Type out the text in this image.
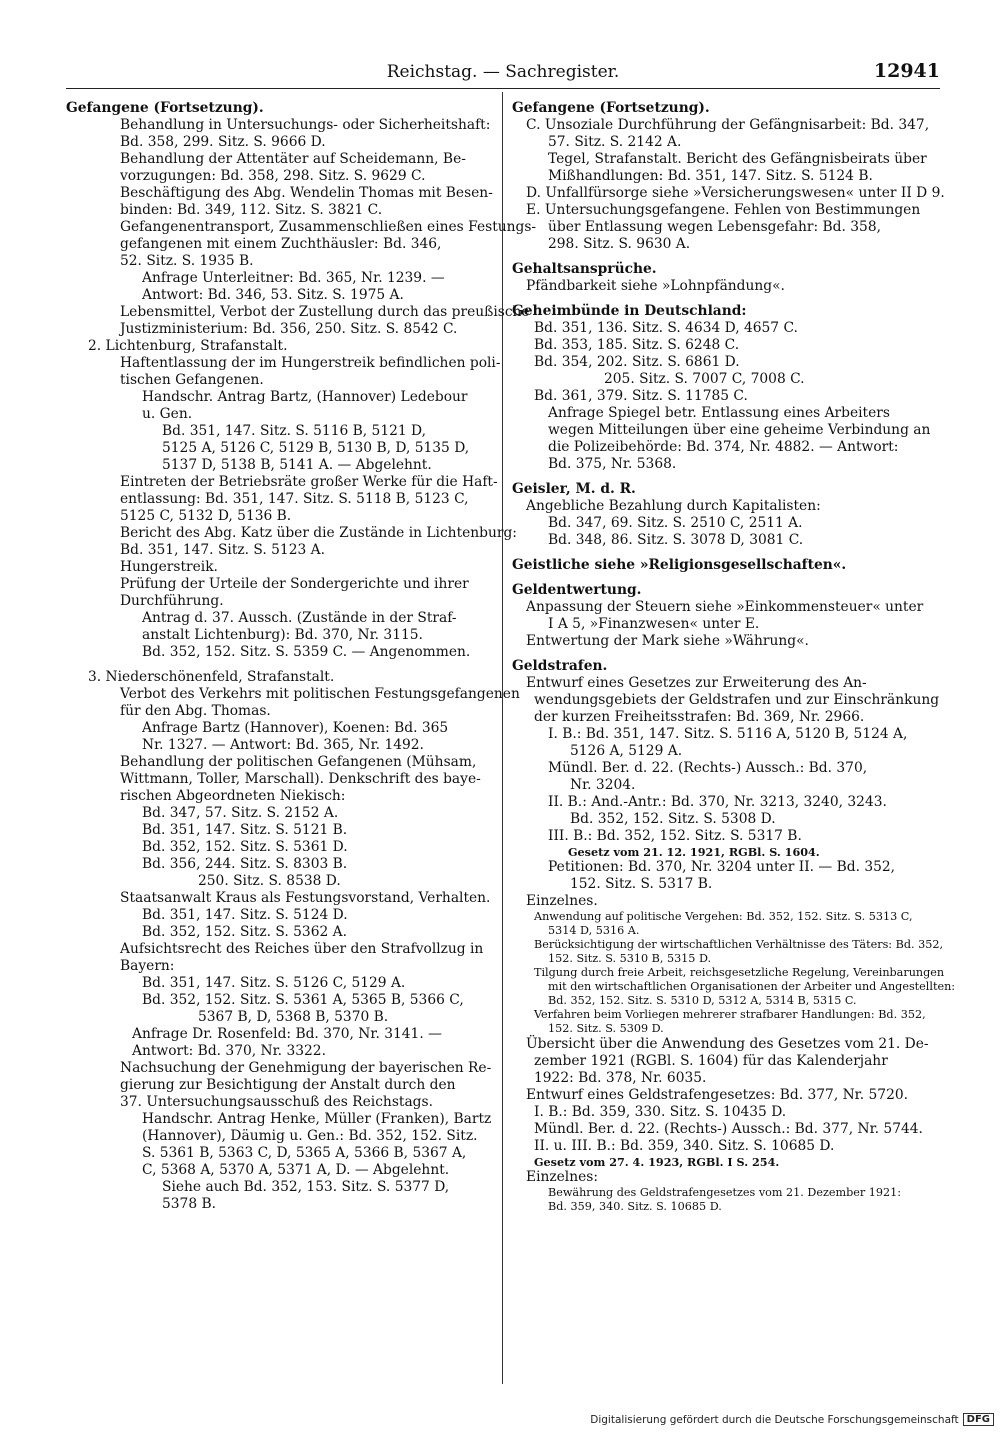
Reichstag. — Sachregister.	12941
Gefangene (Fortsetzung).
Behandlung in Untersuchungs- oder Sicherheitshaft:
Bd. 358, 299. Sitz. S. 9666 D.
Behandlung der Attentäter auf Scheidemann, Be-
vorzugungen: Bd. 358, 298. Sitz. S. 9629 C.
Beschäftigung des Abg. Wendelin Thomas mit Besen-
binden: Bd. 349, 112. Sitz. S. 3821 C.
Gefangenentransport, Zusammenschließen eines Festungs-
gefangenen mit einem Zuchthäusler: Bd. 346,
52. Sitz. S. 1935 B.
Anfrage Unterleitner: Bd. 365, Nr. 1239. —
Antwort: Bd. 346, 53. Sitz. S. 1975 A.
Lebensmittel, Verbot der Zustellung durch das preußische
Justizministerium: Bd. 356, 250. Sitz. S. 8542 C.
2. Lichtenburg, Strafanstalt.
Haftentlassung der im Hungerstreik befindlichen poli-
tischen Gefangenen.
Handschr. Antrag Bartz, (Hannover) Ledebour
u. Gen.
Bd. 351, 147. Sitz. S. 5116 B, 5121 D,
5125 A, 5126 C, 5129 B, 5130 B, D, 5135 D,
5137 D, 5138 B, 5141 A. — Abgelehnt.
Eintreten der Betriebsräte großer Werke für die Haft-
entlassung: Bd. 351, 147. Sitz. S. 5118 B, 5123 C,
5125 C, 5132 D, 5136 B.
Bericht des Abg. Katz über die Zustände in Lichtenburg:
Bd. 351, 147. Sitz. S. 5123 A.
Hungerstreik.
Prüfung der Urteile der Sondergerichte und ihrer
Durchführung.
Antrag d. 37. Aussch. (Zustände in der Straf-
anstalt Lichtenburg): Bd. 370, Nr. 3115.
Bd. 352, 152. Sitz. S. 5359 C. — Angenommen.
3. Niederschönenfeld, Strafanstalt.
Verbot des Verkehrs mit politischen Festungsgefangenen
für den Abg. Thomas.
Anfrage Bartz (Hannover), Koenen: Bd. 365
Nr. 1327. — Antwort: Bd. 365, Nr. 1492.
Behandlung der politischen Gefangenen (Mühsam,
Wittmann, Toller, Marschall). Denkschrift des baye-
rischen Abgeordneten Niekisch:
Bd. 347, 57. Sitz. S. 2152 A.
Bd. 351, 147. Sitz. S. 5121 B.
Bd. 352, 152. Sitz. S. 5361 D.
Bd. 356, 244. Sitz. S. 8303 B.
250. Sitz. S. 8538 D.
Staatsanwalt Kraus als Festungsvorstand, Verhalten.
Bd. 351, 147. Sitz. S. 5124 D.
Bd. 352, 152. Sitz. S. 5362 A.
Aufsichtsrecht des Reiches über den Strafvollzug in
Bayern:
Bd. 351, 147. Sitz. S. 5126 C, 5129 A.
Bd. 352, 152. Sitz. S. 5361 A, 5365 B, 5366 C,
5367 B, D, 5368 B, 5370 B.
Anfrage Dr. Rosenfeld: Bd. 370, Nr. 3141. —
Antwort: Bd. 370, Nr. 3322.
Nachsuchung der Genehmigung der bayerischen Re-
gierung zur Besichtigung der Anstalt durch den
37. Untersuchungsausschuß des Reichstags.
Handschr. Antrag Henke, Müller (Franken), Bartz
(Hannover), Däumig u. Gen.: Bd. 352, 152. Sitz.
S. 5361 B, 5363 C, D, 5365 A, 5366 B, 5367 A,
C, 5368 A, 5370 A, 5371 A, D. — Abgelehnt.
Siehe auch Bd. 352, 153. Sitz. S. 5377 D,
5378 B.
Gefangene (Fortsetzung).
C. Unsoziale Durchführung der Gefängnisarbeit: Bd. 347,
57. Sitz. S. 2142 A.
Tegel, Strafanstalt. Bericht des Gefängnisbeirats über
Mißhandlungen: Bd. 351, 147. Sitz. S. 5124 B.
D. Unfallfürsorge siehe »Versicherungswesen« unter II D 9.
E. Untersuchungsgefangene. Fehlen von Bestimmungen
über Entlassung wegen Lebensgefahr: Bd. 358,
298. Sitz. S. 9630 A.
Gehaltsansprüche.
Pfändbarkeit siehe »Lohnpfändung«.
Geheimbünde in Deutschland:
Bd. 351, 136. Sitz. S. 4634 D, 4657 C.
Bd. 353, 185. Sitz. S. 6248 C.
Bd. 354, 202. Sitz. S. 6861 D.
205. Sitz. S. 7007 C, 7008 C.
Bd. 361, 379. Sitz. S. 11785 C.
Anfrage Spiegel betr. Entlassung eines Arbeiters
wegen Mitteilungen über eine geheime Verbindung an
die Polizeibehörde: Bd. 374, Nr. 4882. — Antwort:
Bd. 375, Nr. 5368.
Geisler, M. d. R.
Angebliche Bezahlung durch Kapitalisten:
Bd. 347, 69. Sitz. S. 2510 C, 2511 A.
Bd. 348, 86. Sitz. S. 3078 D, 3081 C.
Geistliche siehe »Religionsgesellschaften«.
Geldentwertung.
Anpassung der Steuern siehe »Einkommensteuer« unter
I A 5, »Finanzwesen« unter E.
Entwertung der Mark siehe »Währung«.
Geldstrafen.
Entwurf eines Gesetzes zur Erweiterung des An-
wendungsgebiets der Geldstrafen und zur Einschränkung
der kurzen Freiheitsstrafen: Bd. 369, Nr. 2966.
I. B.: Bd. 351, 147. Sitz. S. 5116 A, 5120 B, 5124 A,
5126 A, 5129 A.
Mündl. Ber. d. 22. (Rechts-) Aussch.: Bd. 370,
Nr. 3204.
II. B.: And.-Antr.: Bd. 370, Nr. 3213, 3240, 3243.
Bd. 352, 152. Sitz. S. 5308 D.
III. B.: Bd. 352, 152. Sitz. S. 5317 B.
Gesetz vom 21. 12. 1921, RGBl. S. 1604.
Petitionen: Bd. 370, Nr. 3204 unter II. — Bd. 352,
152. Sitz. S. 5317 B.
Einzelnes.
Anwendung auf politische Vergehen: Bd. 352, 152. Sitz. S. 5313 C,
5314 D, 5316 A.
Berücksichtigung der wirtschaftlichen Verhältnisse des Täters: Bd. 352,
152. Sitz. S. 5310 B, 5315 D.
Tilgung durch freie Arbeit, reichsgesetzliche Regelung, Vereinbarungen
mit den wirtschaftlichen Organisationen der Arbeiter und Angestellten:
Bd. 352, 152. Sitz. S. 5310 D, 5312 A, 5314 B, 5315 C.
Verfahren beim Vorliegen mehrerer strafbarer Handlungen: Bd. 352,
152. Sitz. S. 5309 D.
Übersicht über die Anwendung des Gesetzes vom 21. De-
zember 1921 (RGBl. S. 1604) für das Kalenderjahr
1922: Bd. 378, Nr. 6035.
Entwurf eines Geldstrafengesetzes: Bd. 377, Nr. 5720.
I. B.: Bd. 359, 330. Sitz. S. 10435 D.
Mündl. Ber. d. 22. (Rechts-) Aussch.: Bd. 377, Nr. 5744.
II. u. III. B.: Bd. 359, 340. Sitz. S. 10685 D.
Gesetz vom 27. 4. 1923, RGBl. I S. 254.
Einzelnes:
Bewährung des Geldstrafengesetzes vom 21. Dezember 1921:
Bd. 359, 340. Sitz. S. 10685 D.
Digitalisierung gefördert durch die Deutsche Forschungsgemeinschaft DFG
